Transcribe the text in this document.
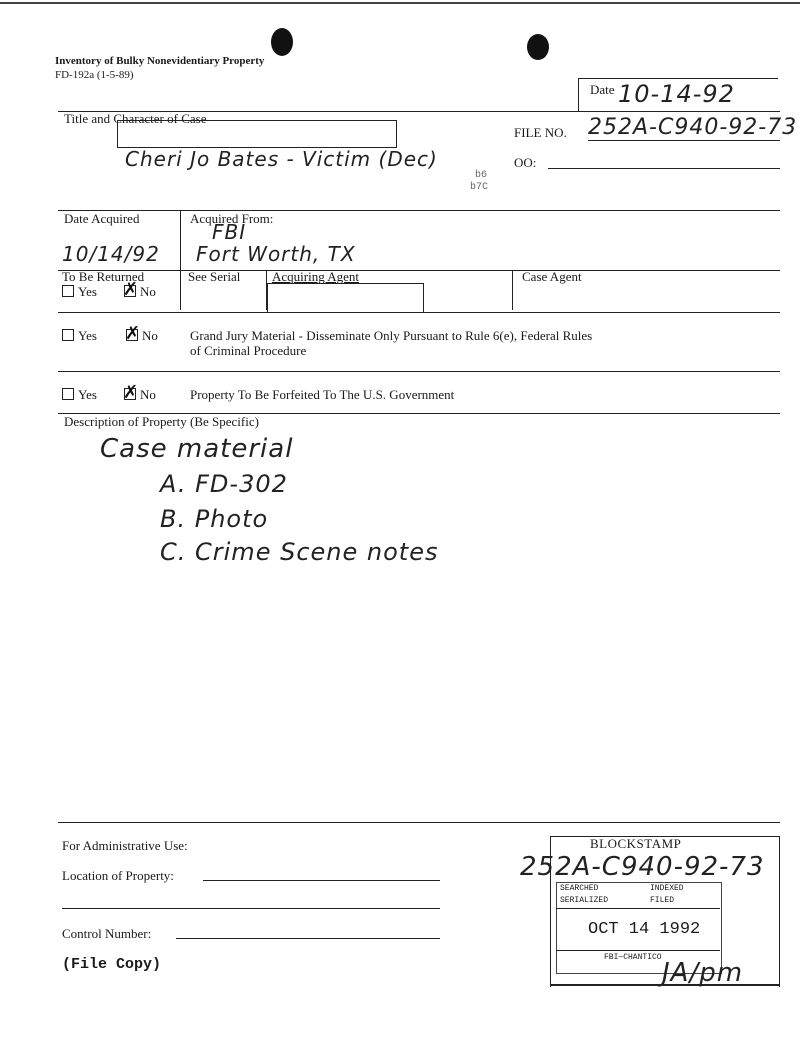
Inventory of Bulky Nonevidentiary Property
FD-192a (1-5-89)
Date 10-14-92
Title and Character of Case
Cheri Jo Bates - Victim (Dec)
b6
b7C
FILE NO. 252A-C940-92-73
OO:
Date Acquired
10/14/92
Acquired From:
FBI
Fort Worth, TX
To Be Returned
Yes ✗ No
See Serial Acquiring Agent	Case Agent
Yes ✗ No Grand Jury Material - Disseminate Only Pursuant to Rule 6(e), Federal Rules
of Criminal Procedure
Yes ✗ No	Property To Be Forfeited To The U.S. Government
Description of Property (Be Specific)
Case material
A. FD-302
B. Photo
C. Crime Scene notes
For Administrative Use:
Location of Property:
Control Number:
(File Copy)
BLOCKSTAMP
252A-C940-92-73
SEARCHED	INDEXED
SERIALIZED	FILED
OCT 14 1992
FBI—CHANTICO
JA/pm
